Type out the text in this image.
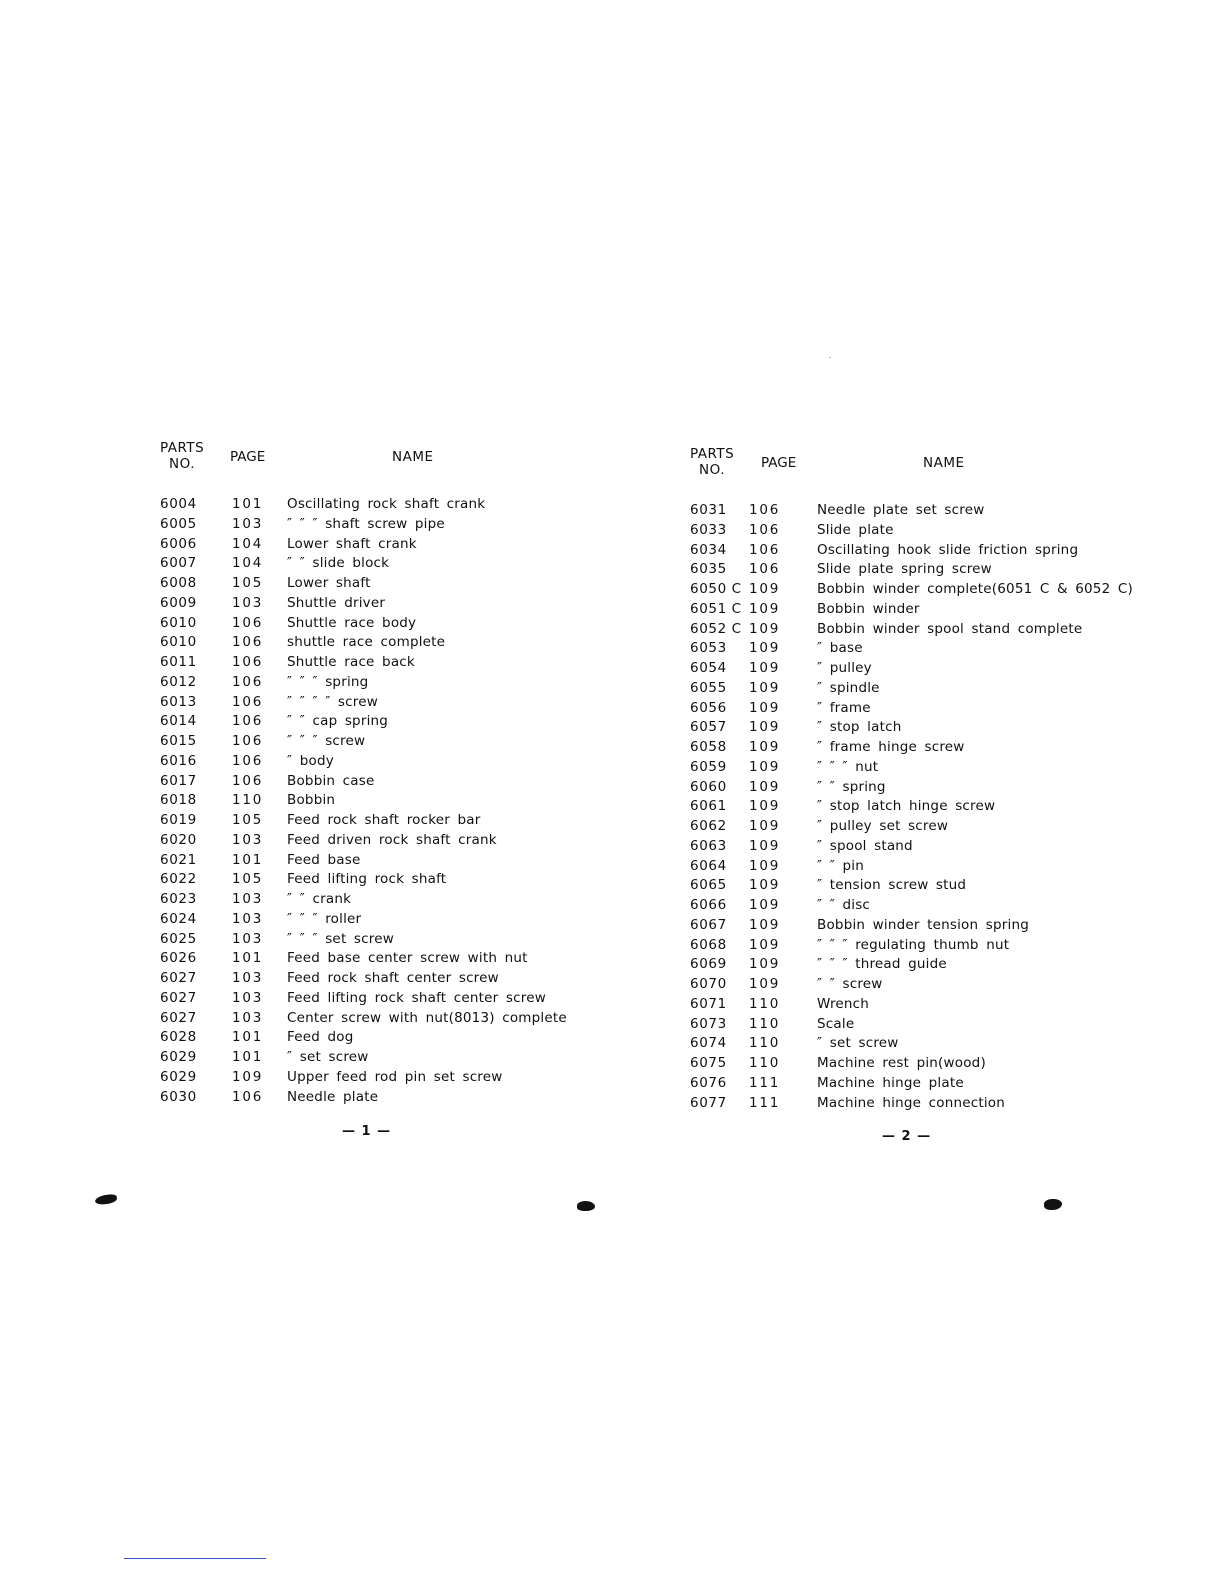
PARTS
NO.	PAGE	NAME
6004	101 Oscillating rock shaft crank
6005	103 ″ ″ ″ shaft screw pipe
6006	104 Lower shaft crank
6007	104 ″ ″ slide block
6008	105 Lower shaft
6009	103 Shuttle driver
6010	106 Shuttle race body
6010	106 shuttle race complete
6011	106 Shuttle race back
6012	106 ″ ″ ″ spring
6013	106 ″ ″ ″ ″ screw
6014	106 ″ ″ cap spring
6015	106 ″ ″ ″ screw
6016	106 ″ body
6017	106 Bobbin case
6018	110 Bobbin
6019	105 Feed rock shaft rocker bar
6020	103 Feed driven rock shaft crank
6021	101 Feed base
6022	105 Feed lifting rock shaft
6023	103 ″ ″ crank
6024	103 ″ ″ ″ roller
6025	103 ″ ″ ″ set screw
6026	101 Feed base center screw with nut
6027	103 Feed rock shaft center screw
6027	103 Feed lifting rock shaft center screw
6027	103 Center screw with nut(8013) complete
6028	101 Feed dog
6029	101 ″ set screw
6029	109 Upper feed rod pin set screw
6030	106 Needle plate
PARTS
NO.	PAGE	NAME
6031 106	Needle plate set screw
6033 106	Slide plate
6034 106	Oscillating hook slide friction spring
6035 106	Slide plate spring screw
6050 C 109	Bobbin winder complete(6051 C & 6052 C)
6051 C 109	Bobbin winder
6052 C 109	Bobbin winder spool stand complete
6053 109	″ base
6054 109	″ pulley
6055 109	″ spindle
6056 109	″ frame
6057 109	″ stop latch
6058 109	″ frame hinge screw
6059 109	″ ″ ″ nut
6060 109	″ ″ spring
6061 109	″ stop latch hinge screw
6062 109	″ pulley set screw
6063 109	″ spool stand
6064 109	″ ″ pin
6065 109	″ tension screw stud
6066 109	″ ″ disc
6067 109	Bobbin winder tension spring
6068 109	″ ″ ″ regulating thumb nut
6069 109	″ ″ ″ thread guide
6070 109	″ ″ screw
6071 110	Wrench
6073 110	Scale
6074 110	″ set screw
6075 110	Machine rest pin(wood)
6076 111	Machine hinge plate
6077 111	Machine hinge connection
— 1 —	— 2 —
